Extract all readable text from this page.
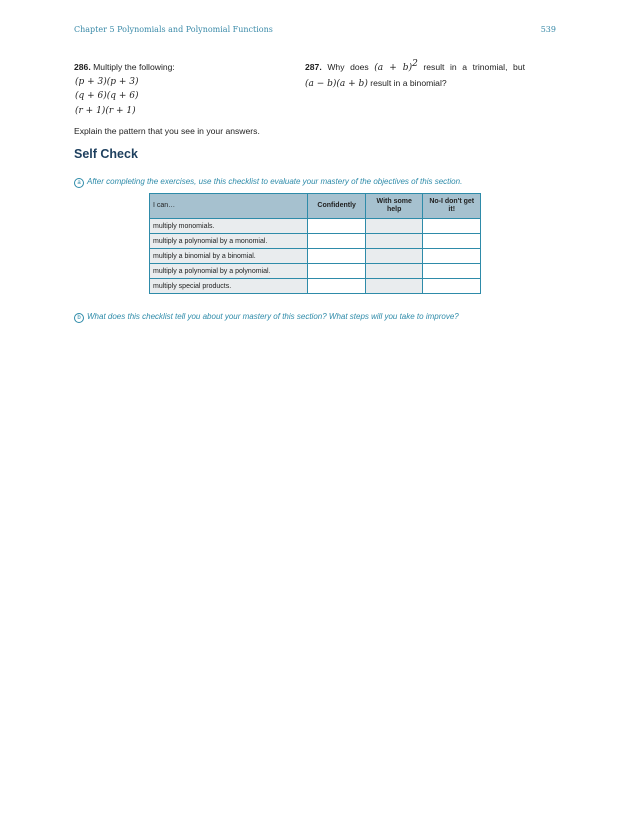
Chapter 5 Polynomials and Polynomial Functions	539
286. Multiply the following:
(p + 3)(p + 3)
(q + 6)(q + 6)
(r + 1)(r + 1)
Explain the pattern that you see in your answers.
287. Why does $(a + b)^2$ result in a trinomial, but
(a − b)(a + b) result in a binomial?
Self Check
a After completing the exercises, use this checklist to evaluate your mastery of the objectives of this section.
I can…	Confidently	With some help	No-I don't get it!
multiply monomials.			
multiply a polynomial by a monomial.			
multiply a binomial by a binomial.			
multiply a polynomial by a polynomial.			
multiply special products.			
b What does this checklist tell you about your mastery of this section? What steps will you take to improve?
